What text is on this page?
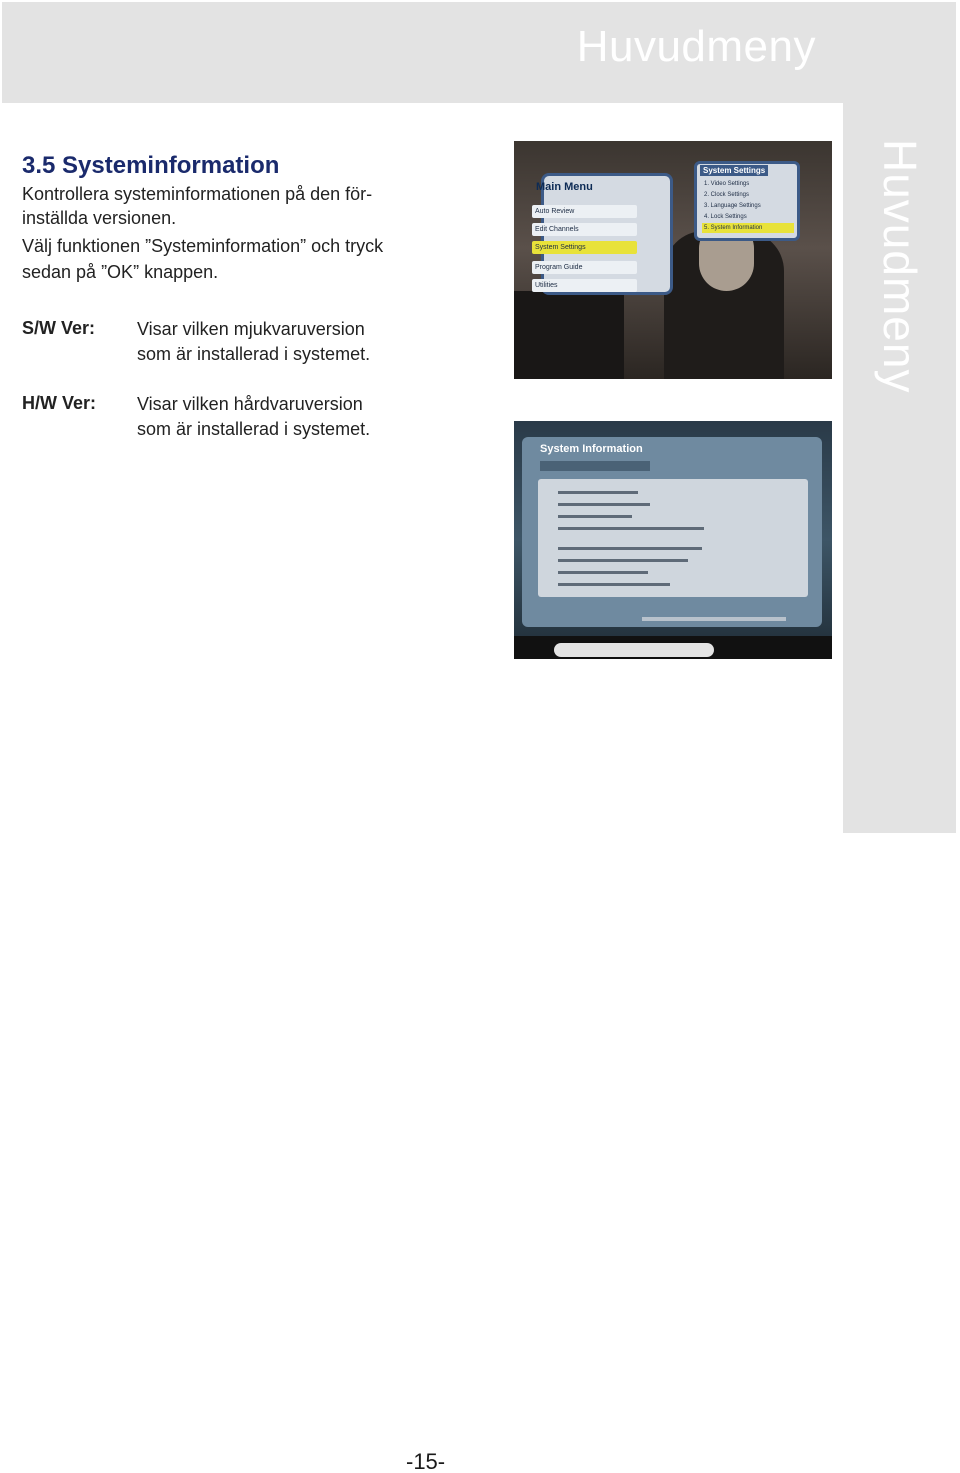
Huvudmeny
Huvudmeny
3.5 Systeminformation

Kontrollera systeminformationen på den för-

inställda versionen.

Välj funktionen ”Systeminformation” och tryck

sedan på ”OK” knappen.

S/W Ver: Visar vilken mjukvaruversion
som är installerad i systemet.
H/W Ver: Visar vilken hårdvaruversion
som är installerad i systemet.
Main Menu
Auto Review
Edit Channels
System Settings
Program Guide
Utilities
System Settings
1. Video Settings
2. Clock Settings
3. Language Settings
4. Lock Settings
5. System Information
System Information
-15-
